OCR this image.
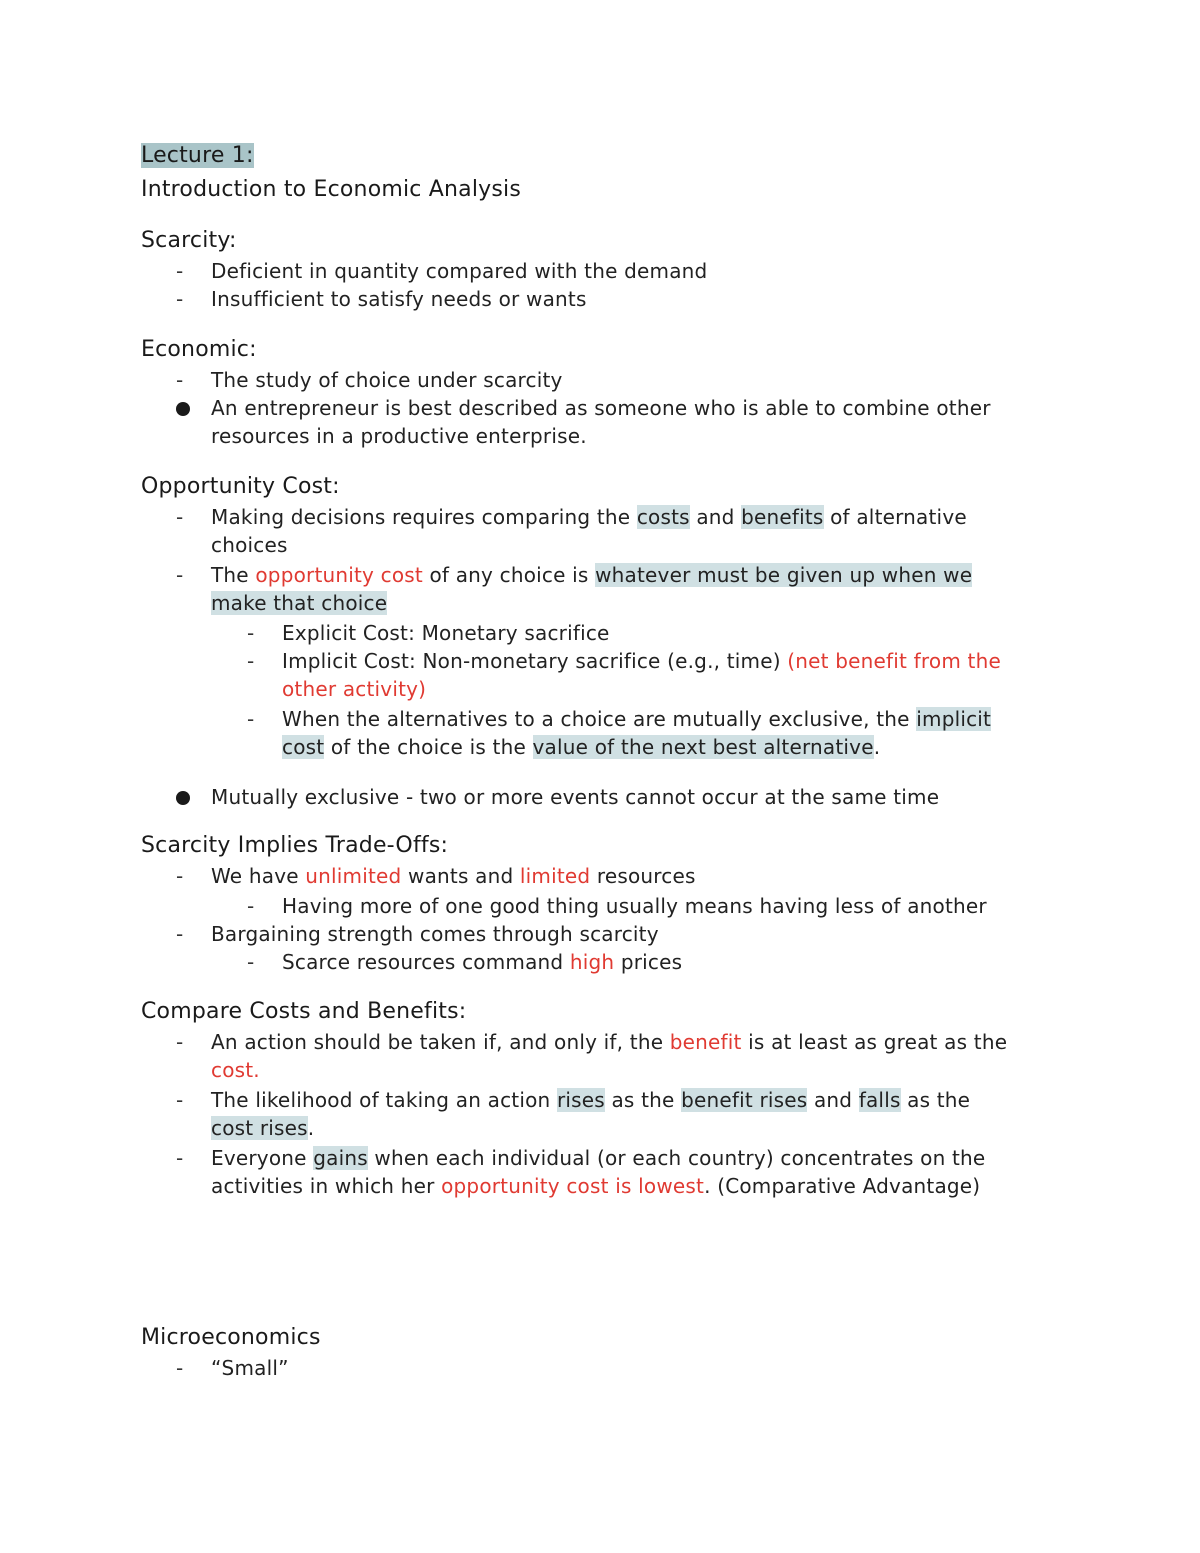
Lecture 1:
Introduction to Economic Analysis
Scarcity:
- Deficient in quantity compared with the demand
- Insufficient to satisfy needs or wants
Economic:
- The study of choice under scarcity
An entrepreneur is best described as someone who is able to combine other
resources in a productive enterprise.
Opportunity Cost:
- Making decisions requires comparing the costs and benefits of alternative
choices
- The opportunity cost of any choice is whatever must be given up when we
make that choice
- Explicit Cost: Monetary sacrifice
- Implicit Cost: Non-monetary sacrifice (e.g., time) (net benefit from the
other activity)
- When the alternatives to a choice are mutually exclusive, the implicit
cost of the choice is the value of the next best alternative.
Mutually exclusive - two or more events cannot occur at the same time
Scarcity Implies Trade-Offs:
- We have unlimited wants and limited resources
- Having more of one good thing usually means having less of another
- Bargaining strength comes through scarcity
- Scarce resources command high prices
Compare Costs and Benefits:
- An action should be taken if, and only if, the benefit is at least as great as the
cost.
- The likelihood of taking an action rises as the benefit rises and falls as the
cost rises.
- Everyone gains when each individual (or each country) concentrates on the
activities in which her opportunity cost is lowest. (Comparative Advantage)
Microeconomics
- “Small”
